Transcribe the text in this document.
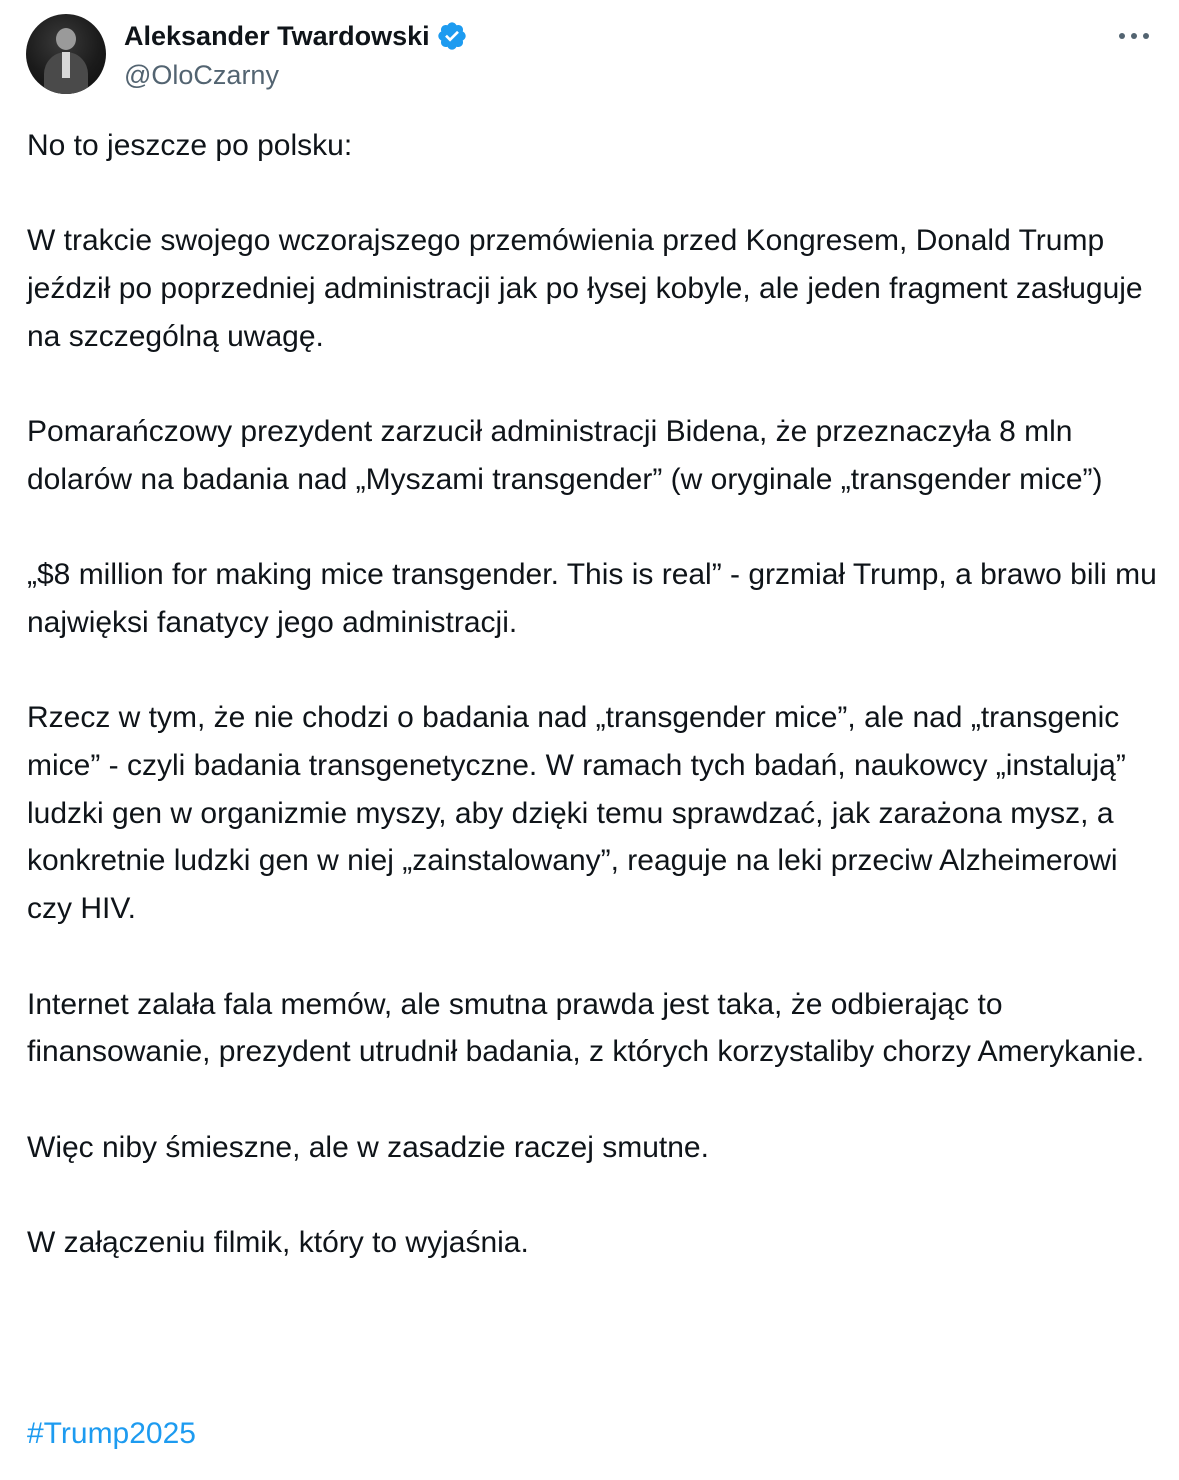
Aleksander Twardowski
@OloCzarny

No to jeszcze po polsku:

W trakcie swojego wczorajszego przemówienia przed Kongresem, Donald Trump jeździł po poprzedniej administracji jak po łysej kobyle, ale jeden fragment zasługuje na szczególną uwagę.

Pomarańczowy prezydent zarzucił administracji Bidena, że przeznaczyła 8 mln dolarów na badania nad „Myszami transgender” (w oryginale „transgender mice”)

„$8 million for making mice transgender. This is real” - grzmiał Trump, a brawo bili mu najwięksi fanatycy jego administracji.

Rzecz w tym, że nie chodzi o badania nad „transgender mice”, ale nad „transgenic mice” - czyli badania transgenetyczne. W ramach tych badań, naukowcy „instalują” ludzki gen w organizmie myszy, aby dzięki temu sprawdzać, jak zarażona mysz, a konkretnie ludzki gen w niej „zainstalowany”, reaguje na leki przeciw Alzheimerowi czy HIV.

Internet zalała fala memów, ale smutna prawda jest taka, że odbierając to finansowanie, prezydent utrudnił badania, z których korzystaliby chorzy Amerykanie.

Więc niby śmieszne, ale w zasadzie raczej smutne.

W załączeniu filmik, który to wyjaśnia.

#Trump2025
